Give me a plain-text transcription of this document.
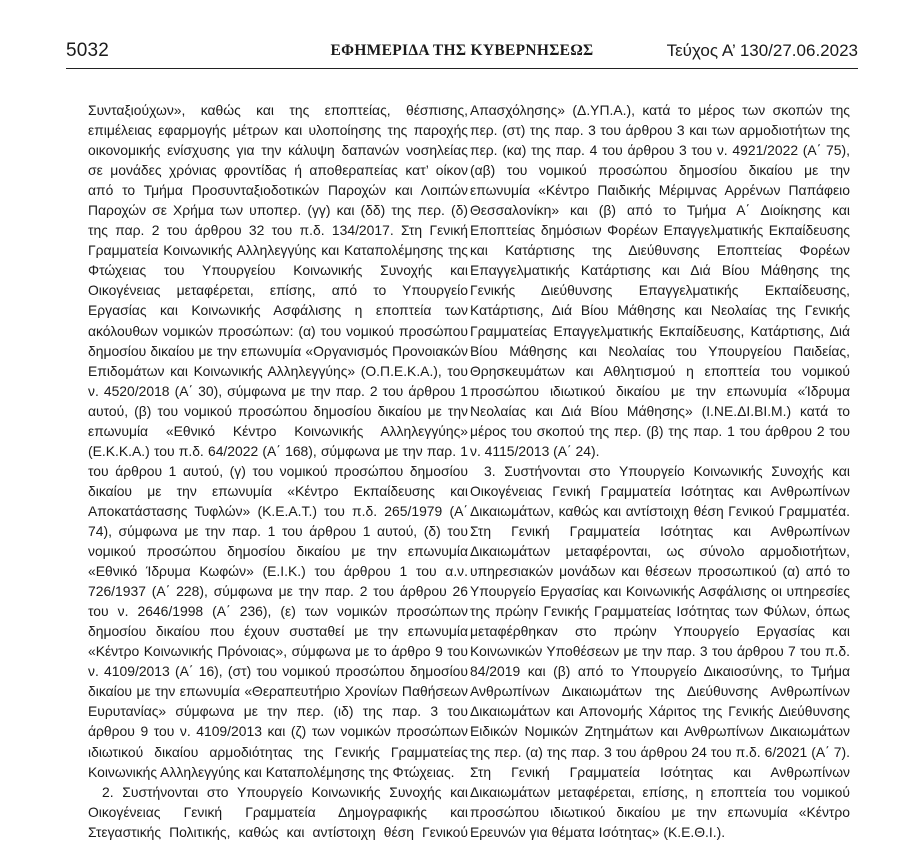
5032	ΕΦΗΜΕΡΙΔΑ ΤΗΣ ΚΥΒΕΡΝΗΣΕΩΣ	Τεύχος Α’ 130/27.06.2023

Συνταξιούχων», καθώς και της εποπτείας, θέσπισης, επιμέλειας εφαρμογής μέτρων και υλοποίησης της παροχής οικονομικής ενίσχυσης για την κάλυψη δαπανών νοσηλείας σε μονάδες χρόνιας φροντίδας ή αποθεραπείας κατ’ οίκον από το Τμήμα Προσυνταξιοδοτικών Παροχών και Λοιπών Παροχών σε Χρήμα των υποπερ. (γγ) και (δδ) της περ. (δ) της παρ. 2 του άρθρου 32 του π.δ. 134/2017. Στη Γενική Γραμματεία Κοινωνικής Αλληλεγγύης και Καταπολέμησης της Φτώχειας του Υπουργείου Κοινωνικής Συνοχής και Οικογένειας μεταφέρεται, επίσης, από το Υπουργείο Εργασίας και Κοινωνικής Ασφάλισης η εποπτεία των ακόλουθων νομικών προσώπων: (α) του νομικού προσώπου δημοσίου δικαίου με την επωνυμία «Οργανισμός Προνοιακών Επιδομάτων και Κοινωνικής Αλληλεγγύης» (Ο.Π.Ε.Κ.Α.), του ν. 4520/2018 (Α΄ 30), σύμφωνα με την παρ. 2 του άρθρου 1 αυτού, (β) του νομικού προσώπου δημοσίου δικαίου με την επωνυμία «Εθνικό Κέντρο Κοινωνικής Αλληλεγγύης» (Ε.Κ.Κ.Α.) του π.δ. 64/2022 (Α΄ 168), σύμφωνα με την παρ. 1 του άρθρου 1 αυτού, (γ) του νομικού προσώπου δημοσίου δικαίου με την επωνυμία «Κέντρο Εκπαίδευσης και Αποκατάστασης Τυφλών» (Κ.Ε.Α.Τ.) του π.δ. 265/1979 (Α΄ 74), σύμφωνα με την παρ. 1 του άρθρου 1 αυτού, (δ) του νομικού προσώπου δημοσίου δικαίου με την επωνυμία «Εθνικό Ίδρυμα Κωφών» (Ε.Ι.Κ.) του άρθρου 1 του α.ν. 726/1937 (Α΄ 228), σύμφωνα με την παρ. 2 του άρθρου 26 του ν. 2646/1998 (Α΄ 236), (ε) των νομικών προσώπων δημοσίου δικαίου που έχουν συσταθεί με την επωνυμία «Κέντρο Κοινωνικής Πρόνοιας», σύμφωνα με το άρθρο 9 του ν. 4109/2013 (Α΄ 16), (στ) του νομικού προσώπου δημοσίου δικαίου με την επωνυμία «Θεραπευτήριο Χρονίων Παθήσεων Ευρυτανίας» σύμφωνα με την περ. (ιδ) της παρ. 3 του άρθρου 9 του ν. 4109/2013 και (ζ) των νομικών προσώπων ιδιωτικού δικαίου αρμοδιότητας της Γενικής Γραμματείας Κοινωνικής Αλληλεγγύης και Καταπολέμησης της Φτώχειας.

2. Συστήνονται στο Υπουργείο Κοινωνικής Συνοχής και Οικογένειας Γενική Γραμματεία Δημογραφικής και Στεγαστικής Πολιτικής, καθώς και αντίστοιχη θέση Γενικού

Απασχόλησης» (Δ.ΥΠ.Α.), κατά το μέρος των σκοπών της περ. (στ) της παρ. 3 του άρθρου 3 και των αρμοδιοτήτων της περ. (κα) της παρ. 4 του άρθρου 3 του ν. 4921/2022 (Α΄ 75), (αβ) του νομικού προσώπου δημοσίου δικαίου με την επωνυμία «Κέντρο Παιδικής Μέριμνας Αρρένων Παπάφειο Θεσσαλονίκη» και (β) από το Τμήμα Α΄ Διοίκησης και Εποπτείας δημόσιων Φορέων Επαγγελματικής Εκπαίδευσης και Κατάρτισης της Διεύθυνσης Εποπτείας Φορέων Επαγγελματικής Κατάρτισης και Διά Βίου Μάθησης της Γενικής Διεύθυνσης Επαγγελματικής Εκπαίδευσης, Κατάρτισης, Διά Βίου Μάθησης και Νεολαίας της Γενικής Γραμματείας Επαγγελματικής Εκπαίδευσης, Κατάρτισης, Διά Βίου Μάθησης και Νεολαίας του Υπουργείου Παιδείας, Θρησκευμάτων και Αθλητισμού η εποπτεία του νομικού προσώπου ιδιωτικού δικαίου με την επωνυμία «Ίδρυμα Νεολαίας και Διά Βίου Μάθησης» (Ι.ΝΕ.ΔΙ.ΒΙ.Μ.) κατά το μέρος του σκοπού της περ. (β) της παρ. 1 του άρθρου 2 του ν. 4115/2013 (Α΄ 24).

3. Συστήνονται στο Υπουργείο Κοινωνικής Συνοχής και Οικογένειας Γενική Γραμματεία Ισότητας και Ανθρωπίνων Δικαιωμάτων, καθώς και αντίστοιχη θέση Γενικού Γραμματέα. Στη Γενική Γραμματεία Ισότητας και Ανθρωπίνων Δικαιωμάτων μεταφέρονται, ως σύνολο αρμοδιοτήτων, υπηρεσιακών μονάδων και θέσεων προσωπικού (α) από το Υπουργείο Εργασίας και Κοινωνικής Ασφάλισης οι υπηρεσίες της πρώην Γενικής Γραμματείας Ισότητας των Φύλων, όπως μεταφέρθηκαν στο πρώην Υπουργείο Εργασίας και Κοινωνικών Υποθέσεων με την παρ. 3 του άρθρου 7 του π.δ. 84/2019 και (β) από το Υπουργείο Δικαιοσύνης, το Τμήμα Ανθρωπίνων Δικαιωμάτων της Διεύθυνσης Ανθρωπίνων Δικαιωμάτων και Απονομής Χάριτος της Γενικής Διεύθυνσης Ειδικών Νομικών Ζητημάτων και Ανθρωπίνων Δικαιωμάτων της περ. (α) της παρ. 3 του άρθρου 24 του π.δ. 6/2021 (Α΄ 7). Στη Γενική Γραμματεία Ισότητας και Ανθρωπίνων Δικαιωμάτων μεταφέρεται, επίσης, η εποπτεία του νομικού προσώπου ιδιωτικού δικαίου με την επωνυμία «Κέντρο Ερευνών για θέματα Ισότητας» (Κ.Ε.Θ.Ι.).
